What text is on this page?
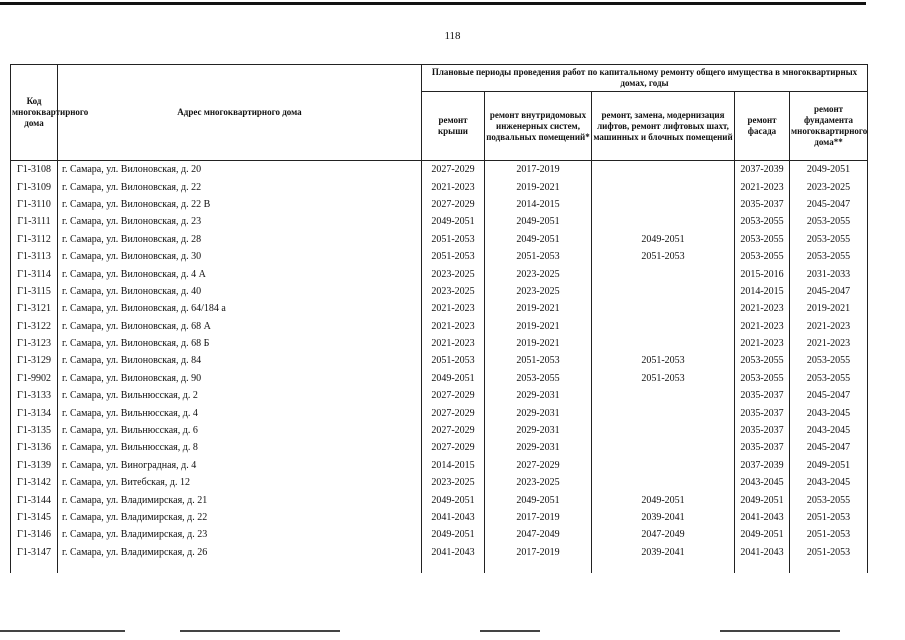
118
Код многоквартирного дома	Адрес многоквартирного дома	Плановые периоды проведения работ по капитальному ремонту общего имущества в многоквартирных домах, годы				
		ремонт крыши	ремонт внутридомовых инженерных систем, подвальных помещений*	ремонт, замена, модернизация лифтов, ремонт лифтовых шахт, машинных и блочных помещений	ремонт фасада	ремонт фундамента многоквартирного дома**
Г1-3108	г. Самара, ул. Вилоновская, д. 20	2027-2029	2017-2019		2037-2039	2049-2051
Г1-3109	г. Самара, ул. Вилоновская, д. 22	2021-2023	2019-2021		2021-2023	2023-2025
Г1-3110	г. Самара, ул. Вилоновская, д. 22 В	2027-2029	2014-2015		2035-2037	2045-2047
Г1-3111	г. Самара, ул. Вилоновская, д. 23	2049-2051	2049-2051		2053-2055	2053-2055
Г1-3112	г. Самара, ул. Вилоновская, д. 28	2051-2053	2049-2051	2049-2051	2053-2055	2053-2055
Г1-3113	г. Самара, ул. Вилоновская, д. 30	2051-2053	2051-2053	2051-2053	2053-2055	2053-2055
Г1-3114	г. Самара, ул. Вилоновская, д. 4 А	2023-2025	2023-2025		2015-2016	2031-2033
Г1-3115	г. Самара, ул. Вилоновская, д. 40	2023-2025	2023-2025		2014-2015	2045-2047
Г1-3121	г. Самара, ул. Вилоновская, д. 64/184 а	2021-2023	2019-2021		2021-2023	2019-2021
Г1-3122	г. Самара, ул. Вилоновская, д. 68 А	2021-2023	2019-2021		2021-2023	2021-2023
Г1-3123	г. Самара, ул. Вилоновская, д. 68 Б	2021-2023	2019-2021		2021-2023	2021-2023
Г1-3129	г. Самара, ул. Вилоновская, д. 84	2051-2053	2051-2053	2051-2053	2053-2055	2053-2055
Г1-9902	г. Самара, ул. Вилоновская, д. 90	2049-2051	2053-2055	2051-2053	2053-2055	2053-2055
Г1-3133	г. Самара, ул. Вильнюсская, д. 2	2027-2029	2029-2031		2035-2037	2045-2047
Г1-3134	г. Самара, ул. Вильнюсская, д. 4	2027-2029	2029-2031		2035-2037	2043-2045
Г1-3135	г. Самара, ул. Вильнюсская, д. 6	2027-2029	2029-2031		2035-2037	2043-2045
Г1-3136	г. Самара, ул. Вильнюсская, д. 8	2027-2029	2029-2031		2035-2037	2045-2047
Г1-3139	г. Самара, ул. Виноградная, д. 4	2014-2015	2027-2029		2037-2039	2049-2051
Г1-3142	г. Самара, ул. Витебская, д. 12	2023-2025	2023-2025		2043-2045	2043-2045
Г1-3144	г. Самара, ул. Владимирская, д. 21	2049-2051	2049-2051	2049-2051	2049-2051	2053-2055
Г1-3145	г. Самара, ул. Владимирская, д. 22	2041-2043	2017-2019	2039-2041	2041-2043	2051-2053
Г1-3146	г. Самара, ул. Владимирская, д. 23	2049-2051	2047-2049	2047-2049	2049-2051	2051-2053
Г1-3147	г. Самара, ул. Владимирская, д. 26	2041-2043	2017-2019	2039-2041	2041-2043	2051-2053
